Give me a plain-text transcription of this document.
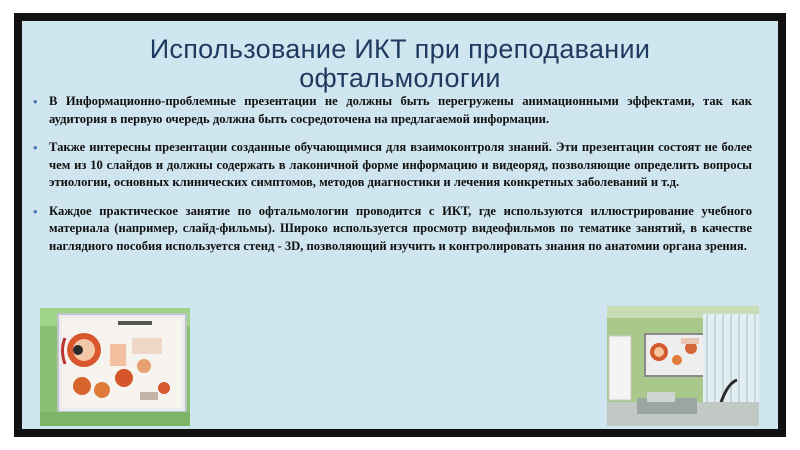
Использование ИКТ при преподавании
офтальмологии
• В Информационно-проблемные презентации не должны быть перегружены анимационными эффектами, так как аудитория в первую очередь должна быть сосредоточена на предлагаемой информации.
• Также интересны презентации созданные обучающимися для взаимоконтроля знаний. Эти презентации состоят не более чем из 10 слайдов и должны содержать в лаконичной форме информацию и видеоряд, позволяющие определить вопросы этиологии, основных клинических симптомов, методов диагностики и лечения конкретных заболеваний и т.д.
• Каждое практическое занятие по офтальмологии проводится с ИКТ, где используются иллюстрирование учебного материала (например, слайд-фильмы). Широко используется просмотр видеофильмов по тематике занятий, в качестве наглядного пособия используется стенд - 3D, позволяющий изучить и контролировать знания по анатомии органа зрения.
